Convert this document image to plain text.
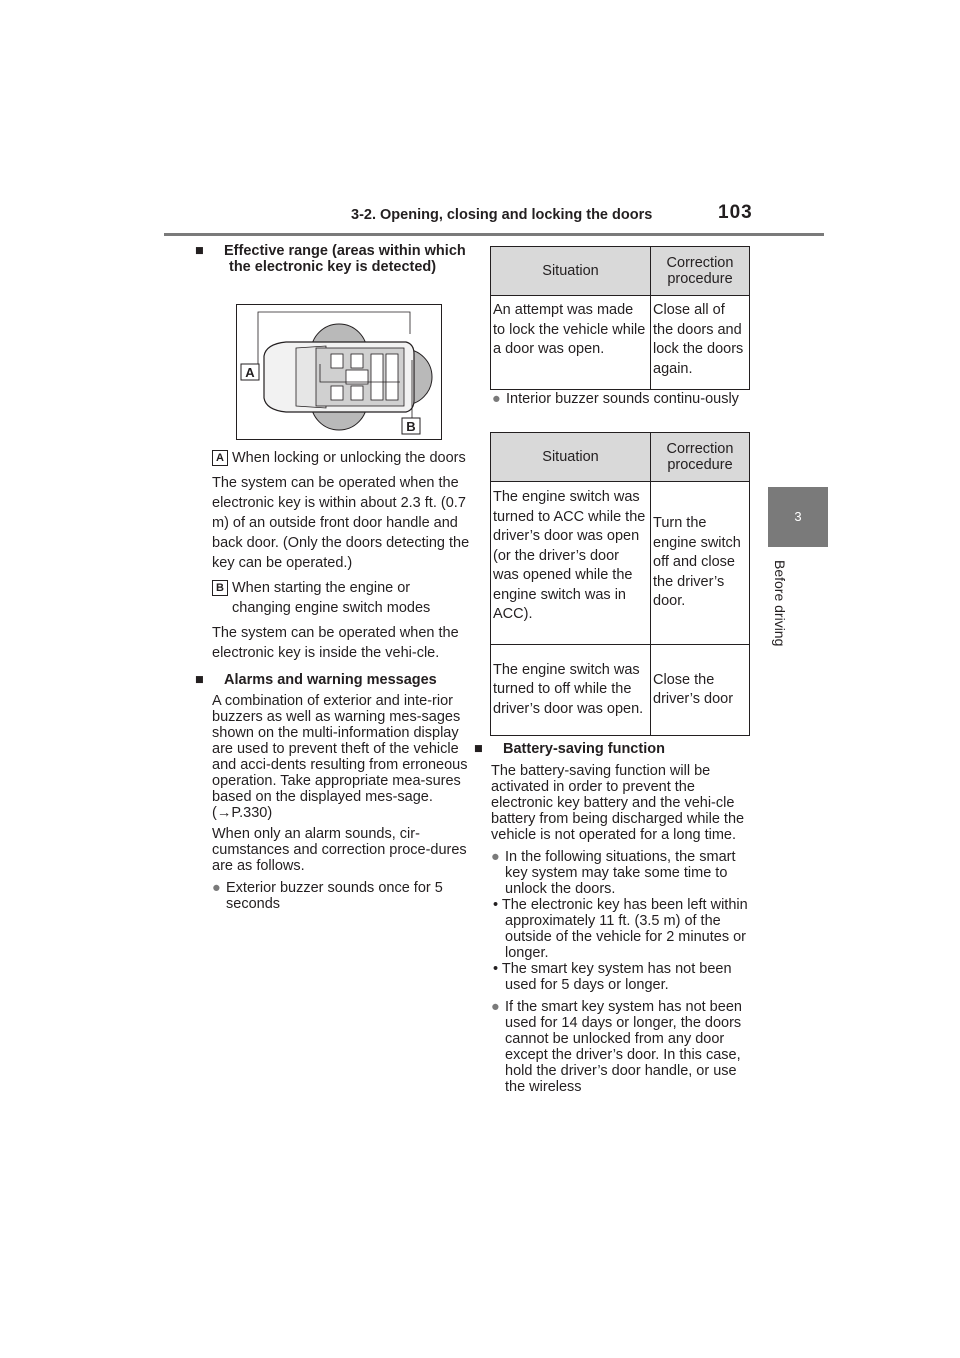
3-2. Opening, closing and locking the doors	103
3
Before driving

■ Effective range (areas within which the electronic key is detected)

A
B

A When locking or unlocking the doors

The system can be operated when the electronic key is within about 2.3 ft. (0.7 m) of an outside front door handle and back door. (Only the doors detecting the key can be operated.)

B When starting the engine or changing engine switch modes

The system can be operated when the electronic key is inside the vehi-cle.

■ Alarms and warning messages

A combination of exterior and inte-rior buzzers as well as warning mes-sages shown on the multi-information display are used to prevent theft of the vehicle and acci-dents resulting from erroneous operation. Take appropriate mea-sures based on the displayed mes-sage. (→P.330)

When only an alarm sounds, cir-cumstances and correction proce-dures are as follows.

● Exterior buzzer sounds once for 5 seconds

Situation	Correction procedure
An attempt was made to lock the vehicle while a door was open.	Close all of the doors and lock the doors again.

● Interior buzzer sounds continu-ously

Situation	Correction procedure
The engine switch was turned to ACC while the driver’s door was open (or the driver’s door was opened while the engine switch was in ACC).	Turn the engine switch off and close the driver’s door.
The engine switch was turned to off while the driver’s door was open.	Close the driver’s door

■ Battery-saving function

The battery-saving function will be activated in order to prevent the electronic key battery and the vehi-cle battery from being discharged while the vehicle is not operated for a long time.

● In the following situations, the smart key system may take some time to unlock the doors.

• The electronic key has been left within approximately 11 ft. (3.5 m) of the outside of the vehicle for 2 minutes or longer.

• The smart key system has not been used for 5 days or longer.

● If the smart key system has not been used for 14 days or longer, the doors cannot be unlocked from any door except the driver’s door. In this case, hold the driver’s door handle, or use the wireless
